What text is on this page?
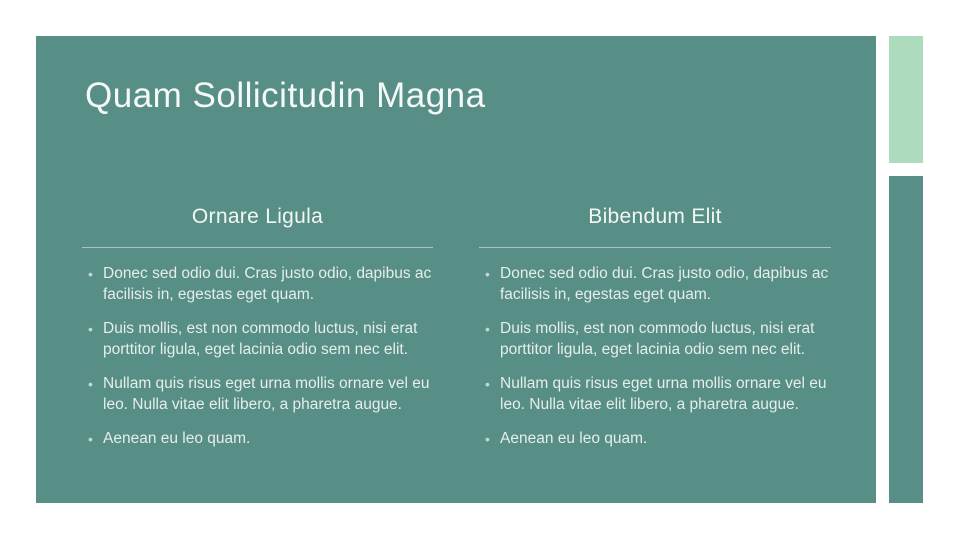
Quam Sollicitudin Magna
Ornare Ligula
• Donec sed odio dui. Cras justo odio, dapibus ac facilisis in, egestas eget quam.
• Duis mollis, est non commodo luctus, nisi erat porttitor ligula, eget lacinia odio sem nec elit.
• Nullam quis risus eget urna mollis ornare vel eu leo. Nulla vitae elit libero, a pharetra augue.
• Aenean eu leo quam.
Bibendum Elit
• Donec sed odio dui. Cras justo odio, dapibus ac facilisis in, egestas eget quam.
• Duis mollis, est non commodo luctus, nisi erat porttitor ligula, eget lacinia odio sem nec elit.
• Nullam quis risus eget urna mollis ornare vel eu leo. Nulla vitae elit libero, a pharetra augue.
• Aenean eu leo quam.
